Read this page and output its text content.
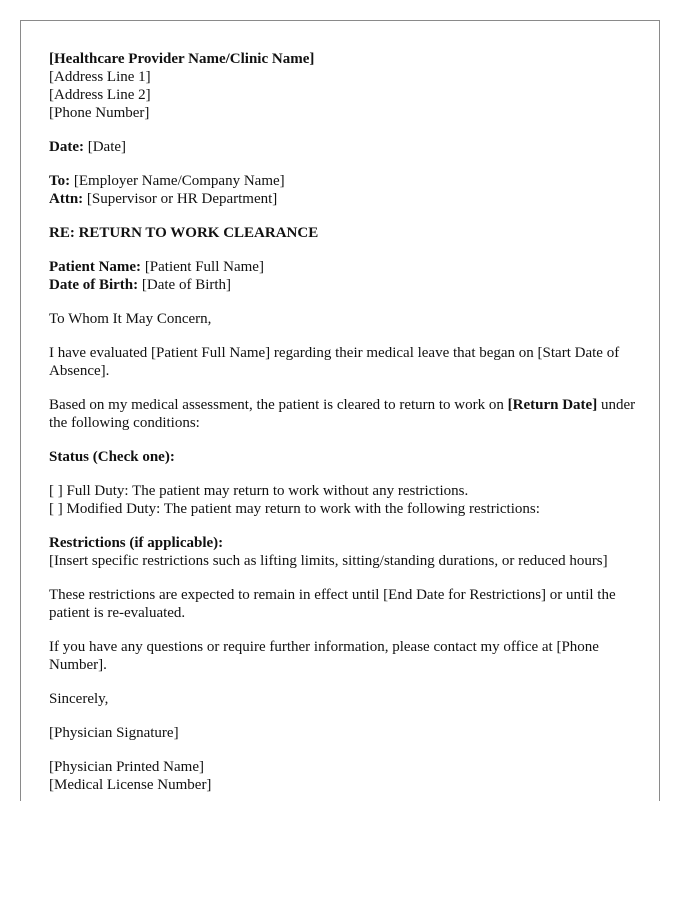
[Healthcare Provider Name/Clinic Name]
[Address Line 1]
[Address Line 2]
[Phone Number]
Date: [Date]
To: [Employer Name/Company Name]
Attn: [Supervisor or HR Department]
RE: RETURN TO WORK CLEARANCE
Patient Name: [Patient Full Name]
Date of Birth: [Date of Birth]
To Whom It May Concern,
I have evaluated [Patient Full Name] regarding their medical leave that began on [Start Date of Absence].
Based on my medical assessment, the patient is cleared to return to work on [Return Date] under the following conditions:
Status (Check one):
[ ] Full Duty: The patient may return to work without any restrictions.
[ ] Modified Duty: The patient may return to work with the following restrictions:
Restrictions (if applicable):
[Insert specific restrictions such as lifting limits, sitting/standing durations, or reduced hours]
These restrictions are expected to remain in effect until [End Date for Restrictions] or until the patient is re-evaluated.
If you have any questions or require further information, please contact my office at [Phone Number].
Sincerely,
[Physician Signature]
[Physician Printed Name]
[Medical License Number]
